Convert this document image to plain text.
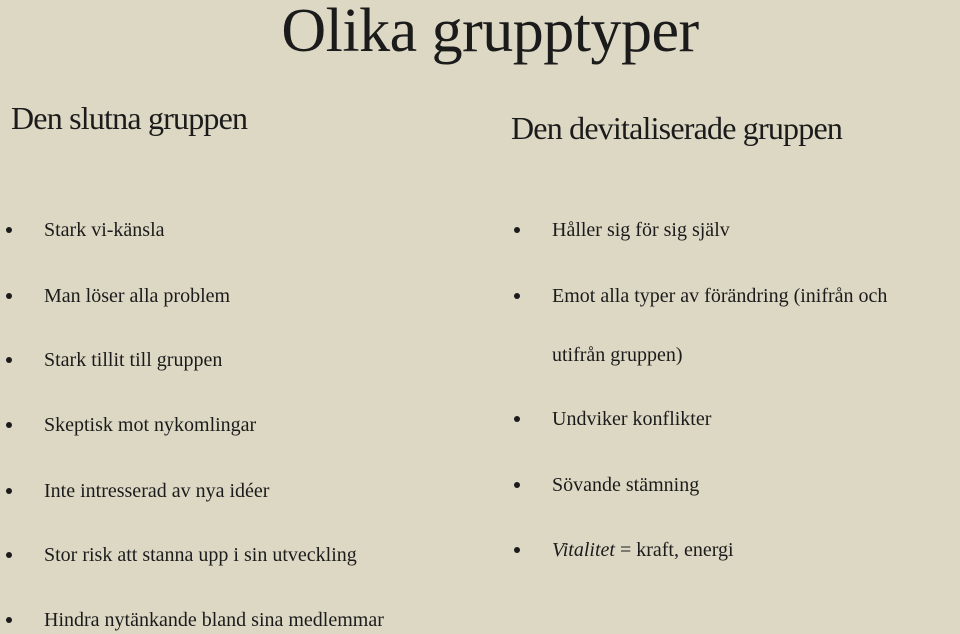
Olika grupptyper
Den slutna gruppen	Den devitaliserade gruppen
Stark vi-känsla
Man löser alla problem
Stark tillit till gruppen
Skeptisk mot nykomlingar
Inte intresserad av nya idéer
Stor risk att stanna upp i sin utveckling
Hindra nytänkande bland sina medlemmar
Håller sig för sig själv
Emot alla typer av förändring (inifrån och
utifrån gruppen)
Undviker konflikter
Sövande stämning
Vitalitet = kraft, energi
